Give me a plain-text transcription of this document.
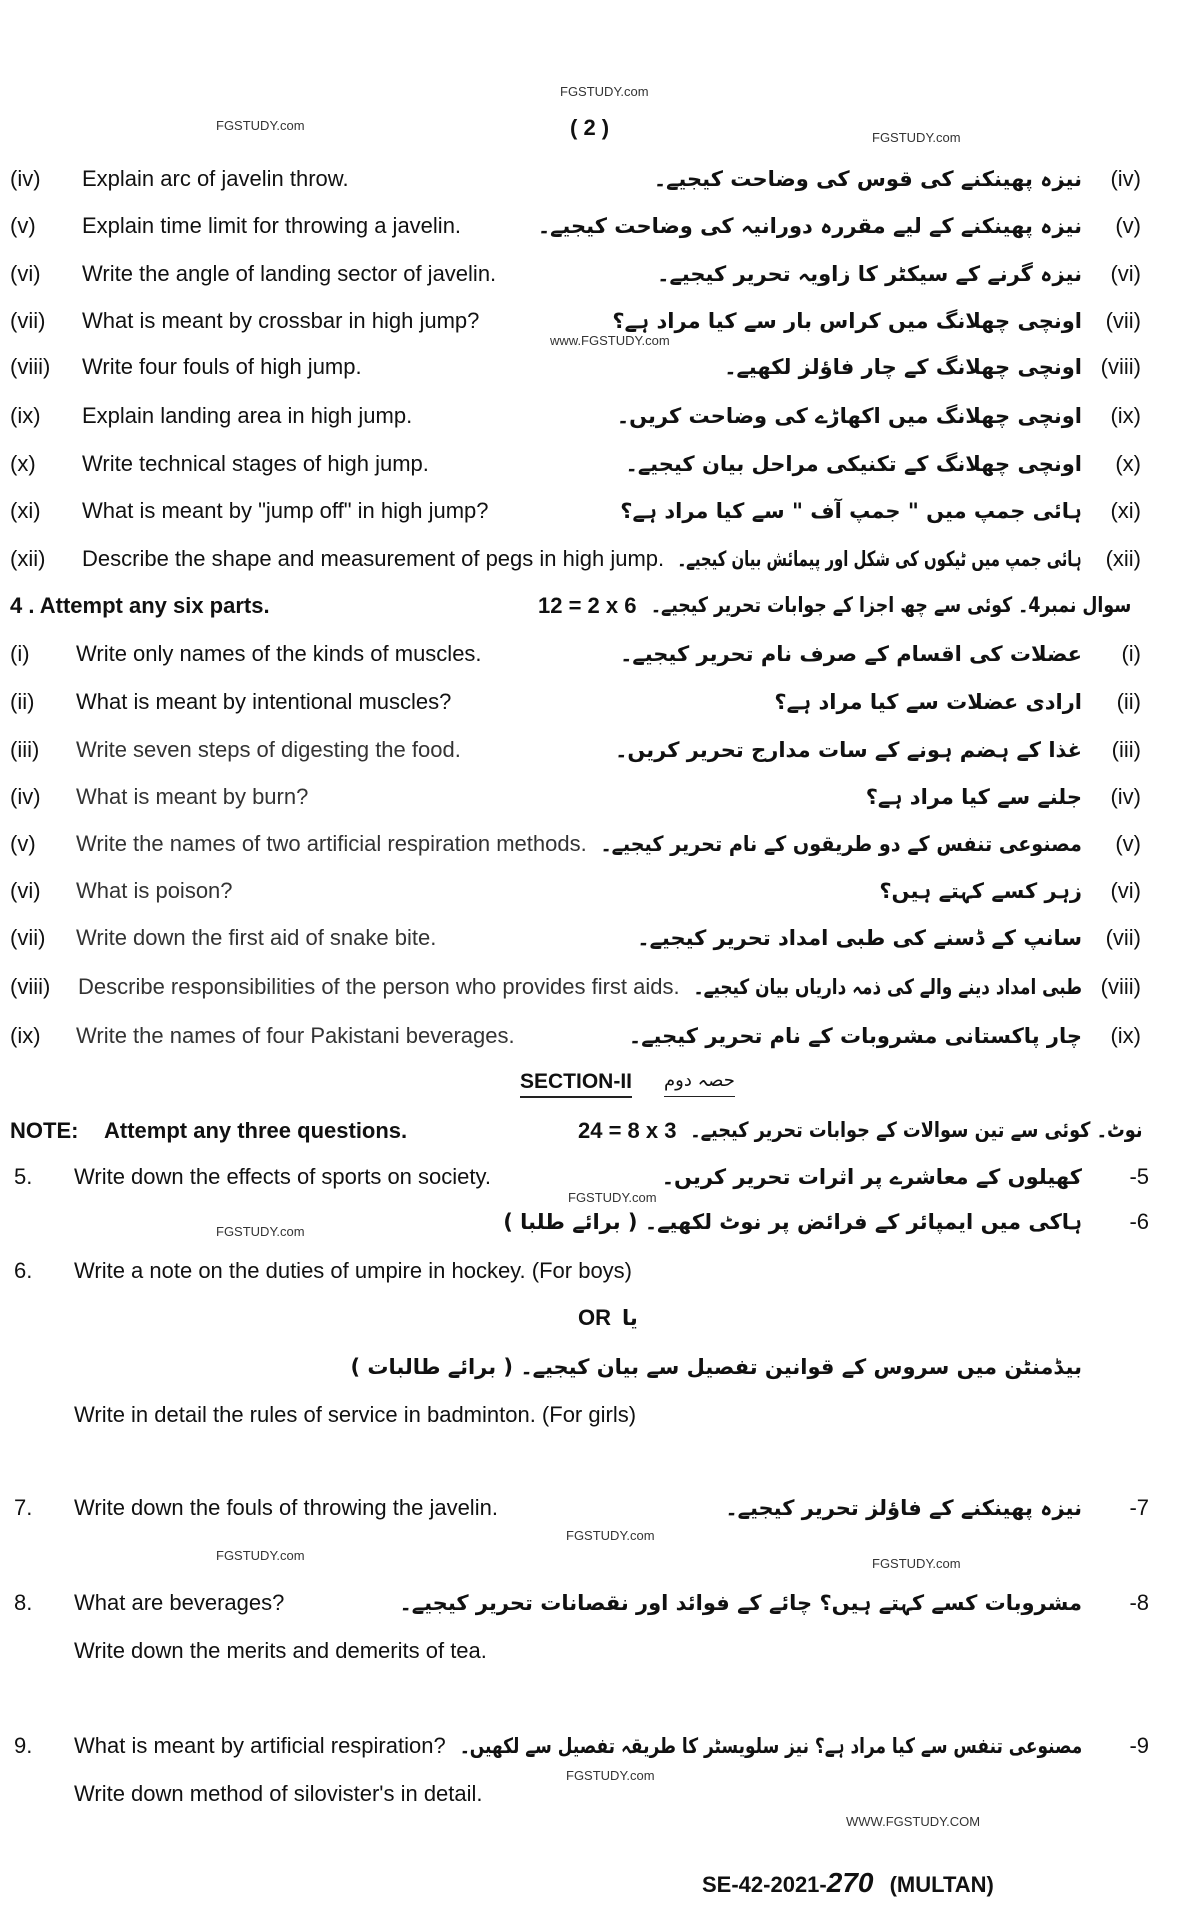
FGSTUDY.com
FGSTUDY.com
FGSTUDY.com
www.FGSTUDY.com
( 2 )
(iv) Explain arc of javelin throw.	نیزہ پھینکنے کی قوس کی وضاحت کیجیے۔ (iv)
(v) Explain time limit for throwing a javelin.	نیزہ پھینکنے کے لیے مقررہ دورانیہ کی وضاحت کیجیے۔ (v)
(vi) Write the angle of landing sector of javelin.	نیزہ گرنے کے سیکٹر کا زاویہ تحریر کیجیے۔ (vi)
(vii) What is meant by crossbar in high jump?	اونچی چھلانگ میں کراس بار سے کیا مراد ہے؟ (vii)
(viii) Write four fouls of high jump.	اونچی چھلانگ کے چار فاؤلز لکھیے۔ (viii)
(ix) Explain landing area in high jump.	اونچی چھلانگ میں اکھاڑے کی وضاحت کریں۔ (ix)
(x) Write technical stages of high jump.	اونچی چھلانگ کے تکنیکی مراحل بیان کیجیے۔ (x)
(xi) What is meant by "jump off" in high jump?	ہائی جمپ میں " جمپ آف " سے کیا مراد ہے؟ (xi)
(xii) Describe the shape and measurement of pegs in high jump. ہائی جمپ میں ٹیکوں کی شکل اور پیمائش بیان کیجیے۔ (xii)
(i) Write only names of the kinds of muscles.	عضلات کی اقسام کے صرف نام تحریر کیجیے۔ (i)
(ii) What is meant by intentional muscles?	ارادی عضلات سے کیا مراد ہے؟ (ii)
(iii) Write seven steps of digesting the food.	غذا کے ہضم ہونے کے سات مدارج تحریر کریں۔ (iii)
(iv) What is meant by burn?	جلنے سے کیا مراد ہے؟ (iv)
(v) Write the names of two artificial respiration methods. مصنوعی تنفس کے دو طریقوں کے نام تحریر کیجیے۔ (v)
(vi) What is poison?	زہر کسے کہتے ہیں؟ (vi)
(vii) Write down the first aid of snake bite.	سانپ کے ڈسنے کی طبی امداد تحریر کیجیے۔ (vii)
(viii) Describe responsibilities of the person who provides first aids. طبی امداد دینے والے کی ذمہ داریاں بیان کیجیے۔ (viii)
(ix) Write the names of four Pakistani beverages.	چار پاکستانی مشروبات کے نام تحریر کیجیے۔ (ix)
5. Write down the effects of sports on society.	کھیلوں کے معاشرے پر اثرات تحریر کریں۔ -5
6. Write a note on the duties of umpire in hockey. (For boys)
ہاکی میں ایمپائر کے فرائض پر نوٹ لکھیے۔ ( برائے طلبا ) -6
7. Write down the fouls of throwing the javelin.	نیزہ پھینکنے کے فاؤلز تحریر کیجیے۔ -7
8. What are beverages?
Write down the merits and demerits of tea.
مشروبات کسے کہتے ہیں؟ چائے کے فوائد اور نقصانات تحریر کیجیے۔ -8
9. What is meant by artificial respiration?
Write down method of silovister's in detail.
مصنوعی تنفس سے کیا مراد ہے؟ نیز سلویسٹر کا طریقہ تفصیل سے لکھیں۔ -9
OR یا
بیڈمنٹن میں سروس کے قوانین تفصیل سے بیان کیجیے۔ ( برائے طالبات )
Write in detail the rules of service in badminton. (For girls)
FGSTUDY.com
FGSTUDY.com
FGSTUDY.com
FGSTUDY.com
FGSTUDY.com
FGSTUDY.com
WWW.FGSTUDY.COM
4 . Attempt any six parts.	12 = 2 x 6 سوال نمبر4۔ کوئی سے چھ اجزا کے جوابات تحریر کیجیے۔
SECTION-II حصہ دوم
NOTE: Attempt any three questions.	24 = 8 x 3 نوٹ۔ کوئی سے تین سوالات کے جوابات تحریر کیجیے۔
SE-42-2021-270 (MULTAN)
